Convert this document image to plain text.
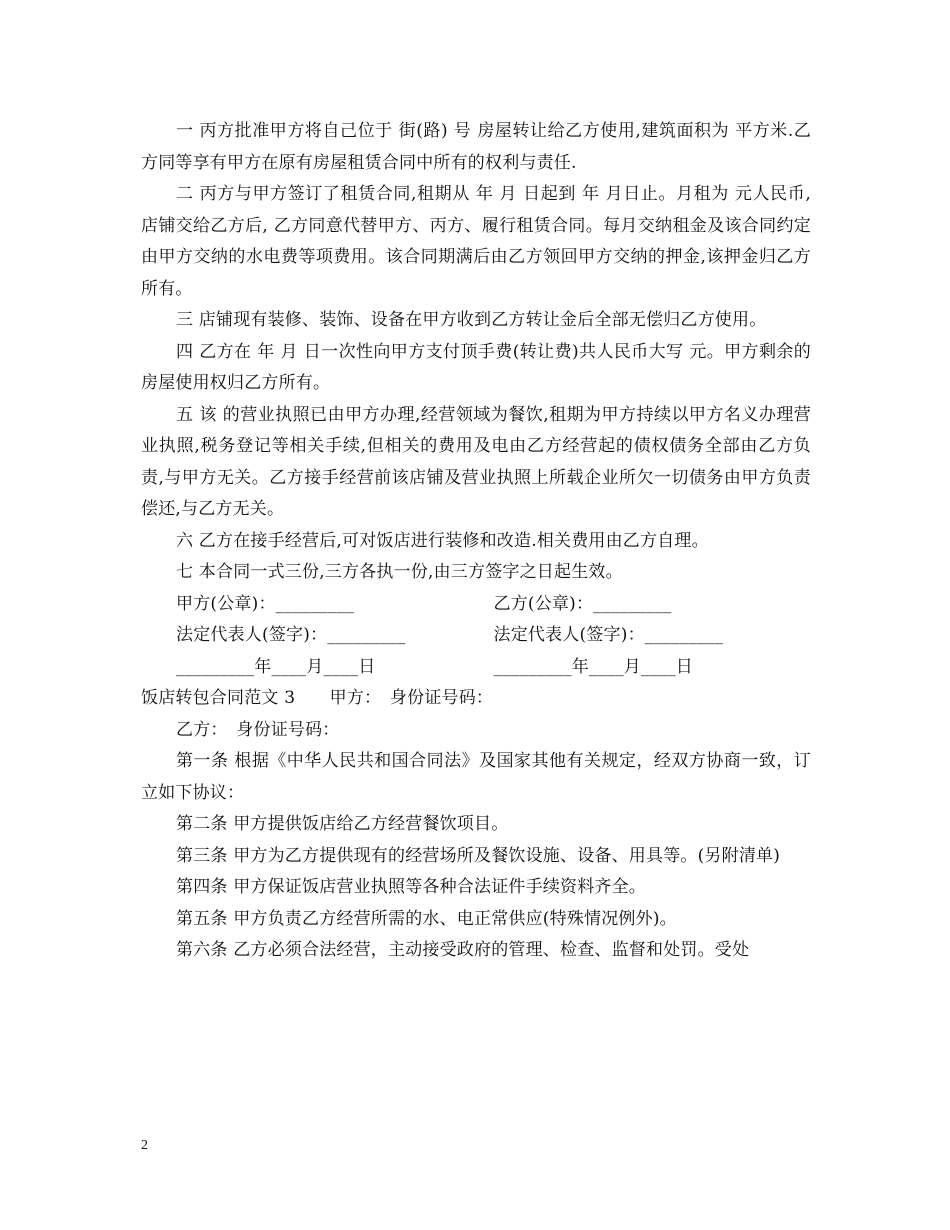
一 丙方批准甲方将自己位于 街(路) 号 房屋转让给乙方使用,建筑面积为 平方米.乙方同等享有甲方在原有房屋租赁合同中所有的权利与责任.

二 丙方与甲方签订了租赁合同,租期从 年 月 日起到 年 月日止。月租为 元人民币, 店铺交给乙方后, 乙方同意代替甲方、丙方、履行租赁合同。每月交纳租金及该合同约定由甲方交纳的水电费等项费用。该合同期满后由乙方领回甲方交纳的押金,该押金归乙方所有。

三 店铺现有装修、装饰、设备在甲方收到乙方转让金后全部无偿归乙方使用。

四 乙方在 年 月 日一次性向甲方支付顶手费(转让费)共人民币大写 元。甲方剩余的房屋使用权归乙方所有。

五 该 的营业执照已由甲方办理,经营领域为餐饮,租期为甲方持续以甲方名义办理营业执照,税务登记等相关手续,但相关的费用及电由乙方经营起的债权债务全部由乙方负责,与甲方无关。乙方接手经营前该店铺及营业执照上所载企业所欠一切债务由甲方负责偿还,与乙方无关。

六 乙方在接手经营后,可对饭店进行装修和改造.相关费用由乙方自理。

七 本合同一式三份,三方各执一份,由三方签字之日起生效。

甲方(公章)：_________	乙方(公章)：_________
法定代表人(签字)：_________	法定代表人(签字)：_________
_________年____月____日	_________年____月____日

饭店转包合同范文 3　　甲方：　身份证号码：

乙方：　身份证号码：

第一条 根据《中华人民共和国合同法》及国家其他有关规定，经双方协商一致，订立如下协议：

第二条 甲方提供饭店给乙方经营餐饮项目。

第三条 甲方为乙方提供现有的经营场所及餐饮设施、设备、用具等。(另附清单)

第四条 甲方保证饭店营业执照等各种合法证件手续资料齐全。

第五条 甲方负责乙方经营所需的水、电正常供应(特殊情况例外)。

第六条 乙方必须合法经营，主动接受政府的管理、检查、监督和处罚。受处

2
